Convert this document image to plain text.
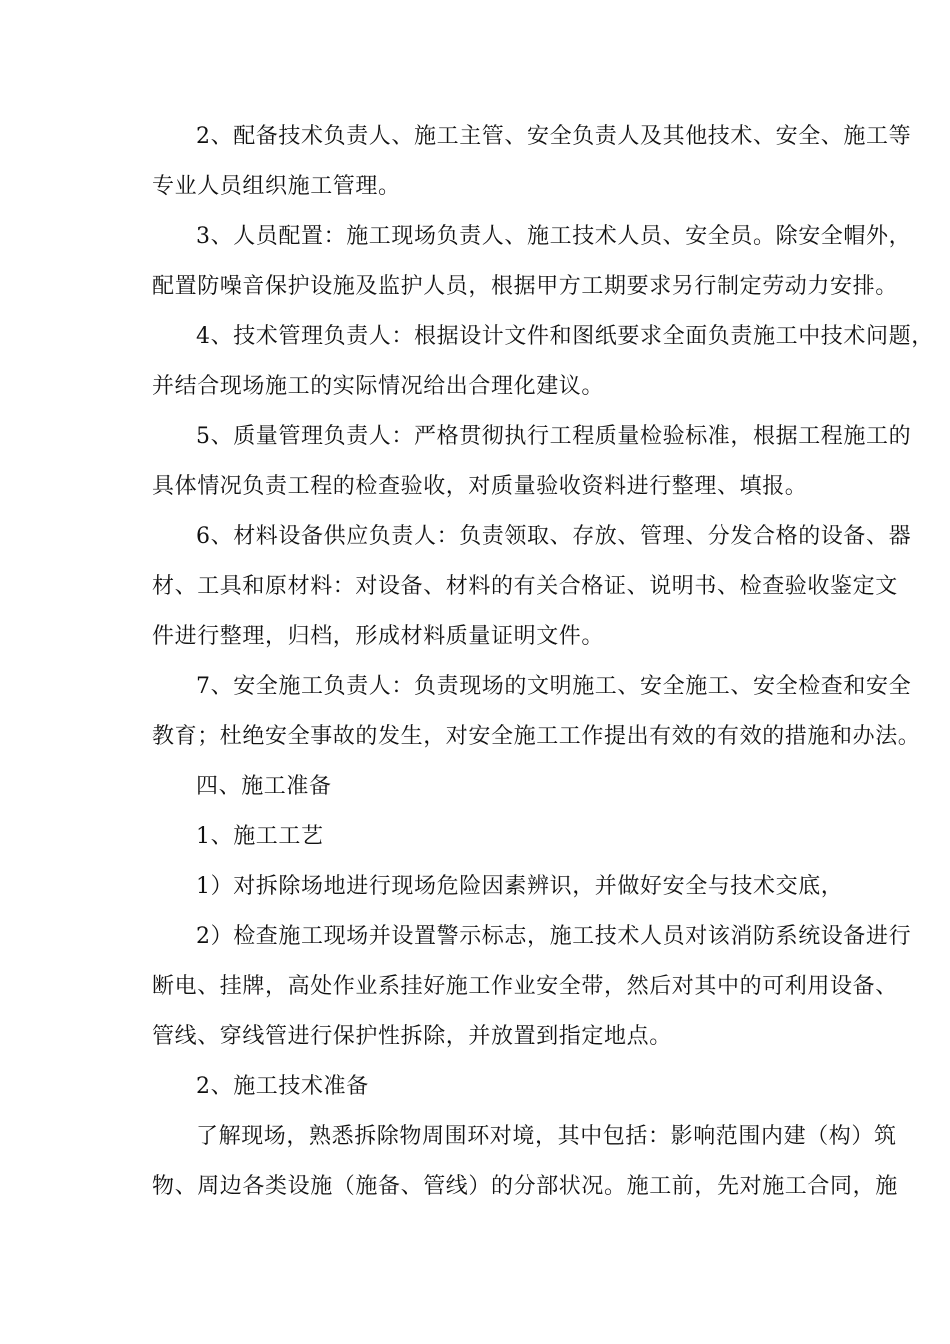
2、配备技术负责人、施工主管、安全负责人及其他技术、安全、施工等
专业人员组织施工管理。
3、人员配置：施工现场负责人、施工技术人员、安全员。除安全帽外，
配置防噪音保护设施及监护人员，根据甲方工期要求另行制定劳动力安排。
4、技术管理负责人：根据设计文件和图纸要求全面负责施工中技术问题，
并结合现场施工的实际情况给出合理化建议。
5、质量管理负责人：严格贯彻执行工程质量检验标准，根据工程施工的
具体情况负责工程的检查验收，对质量验收资料进行整理、填报。
6、材料设备供应负责人：负责领取、存放、管理、分发合格的设备、器
材、工具和原材料：对设备、材料的有关合格证、说明书、检查验收鉴定文
件进行整理，归档，形成材料质量证明文件。
7、安全施工负责人：负责现场的文明施工、安全施工、安全检查和安全
教育；杜绝安全事故的发生，对安全施工工作提出有效的有效的措施和办法。
四、施工准备
1、施工工艺
1）对拆除场地进行现场危险因素辨识，并做好安全与技术交底，
2）检查施工现场并设置警示标志，施工技术人员对该消防系统设备进行
断电、挂牌，高处作业系挂好施工作业安全带，然后对其中的可利用设备、
管线、穿线管进行保护性拆除，并放置到指定地点。
2、施工技术准备
了解现场，熟悉拆除物周围环对境，其中包括：影响范围内建（构）筑
物、周边各类设施（施备、管线）的分部状况。施工前，先对施工合同，施
